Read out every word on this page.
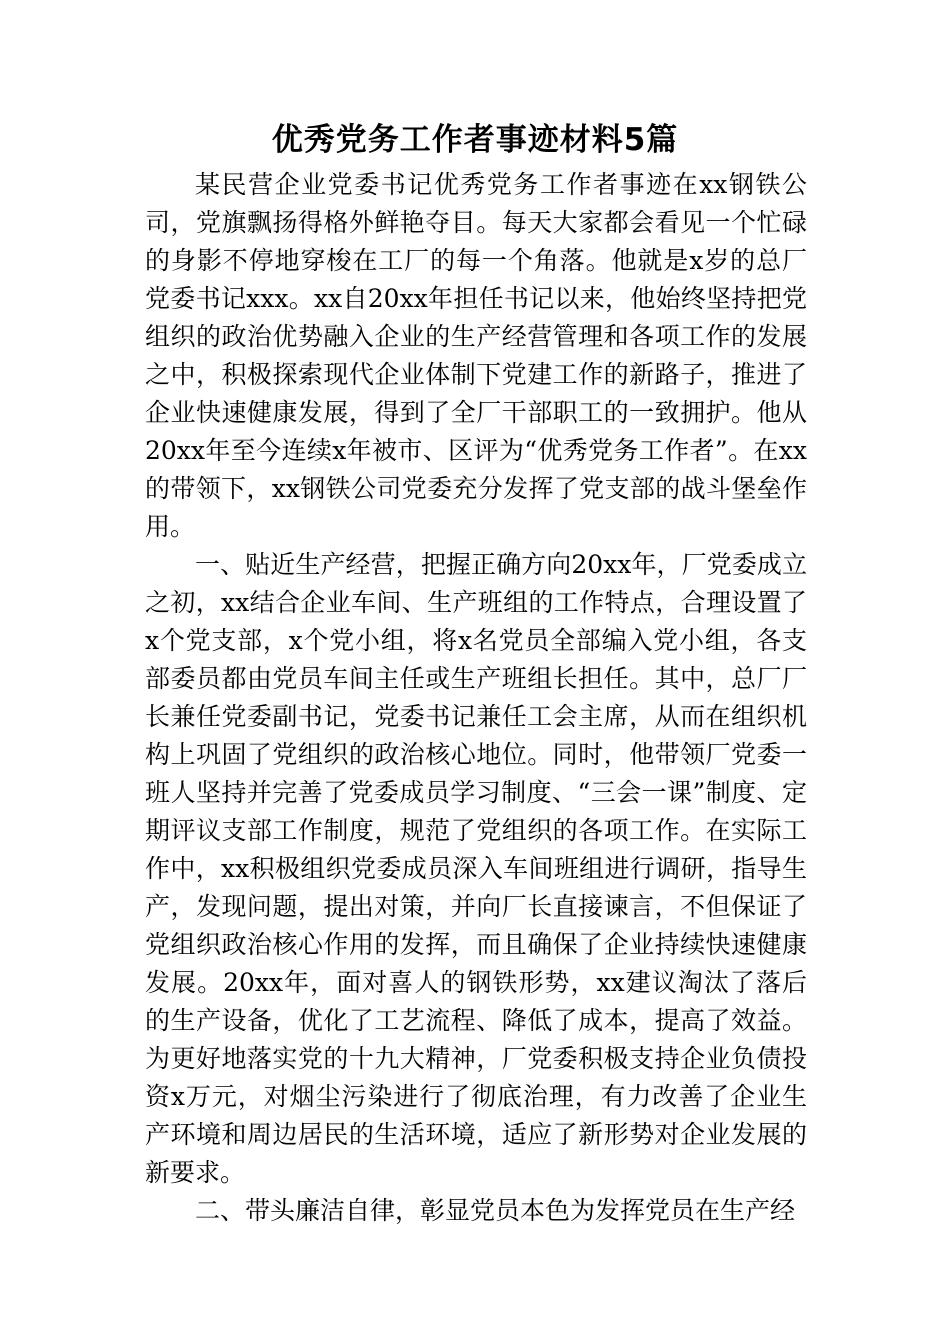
优秀党务工作者事迹材料5篇

某民营企业党委书记优秀党务工作者事迹在xx钢铁公司，党旗飘扬得格外鲜艳夺目。每天大家都会看见一个忙碌的身影不停地穿梭在工厂的每一个角落。他就是x岁的总厂党委书记xxx。xx自20xx年担任书记以来，他始终坚持把党组织的政治优势融入企业的生产经营管理和各项工作的发展之中，积极探索现代企业体制下党建工作的新路子，推进了企业快速健康发展，得到了全厂干部职工的一致拥护。他从20xx年至今连续x年被市、区评为“优秀党务工作者”。在xx的带领下，xx钢铁公司党委充分发挥了党支部的战斗堡垒作用。

一、贴近生产经营，把握正确方向20xx年，厂党委成立之初，xx结合企业车间、生产班组的工作特点，合理设置了x个党支部，x个党小组，将x名党员全部编入党小组，各支部委员都由党员车间主任或生产班组长担任。其中，总厂厂长兼任党委副书记，党委书记兼任工会主席，从而在组织机构上巩固了党组织的政治核心地位。同时，他带领厂党委一班人坚持并完善了党委成员学习制度、“三会一课”制度、定期评议支部工作制度，规范了党组织的各项工作。在实际工作中，xx积极组织党委成员深入车间班组进行调研，指导生产，发现问题，提出对策，并向厂长直接谏言，不但保证了党组织政治核心作用的发挥，而且确保了企业持续快速健康发展。20xx年，面对喜人的钢铁形势，xx建议淘汰了落后的生产设备，优化了工艺流程、降低了成本，提高了效益。为更好地落实党的十九大精神，厂党委积极支持企业负债投资x万元，对烟尘污染进行了彻底治理，有力改善了企业生产环境和周边居民的生活环境，适应了新形势对企业发展的新要求。

二、带头廉洁自律，彰显党员本色为发挥党员在生产经
